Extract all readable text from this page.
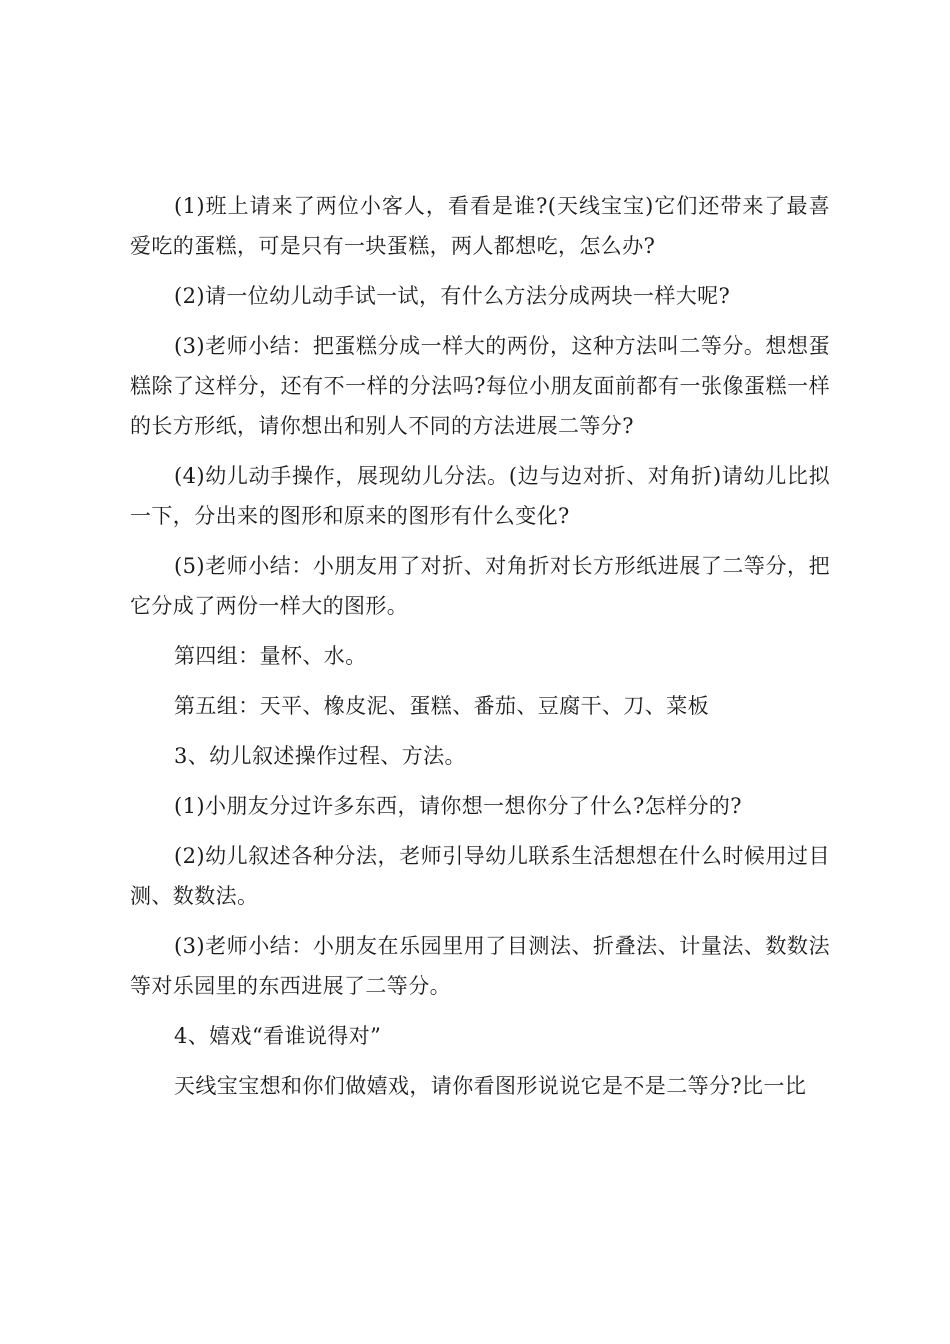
(1)班上请来了两位小客人，看看是谁?(天线宝宝)它们还带来了最喜爱吃的蛋糕，可是只有一块蛋糕，两人都想吃，怎么办?

(2)请一位幼儿动手试一试，有什么方法分成两块一样大呢?

(3)老师小结：把蛋糕分成一样大的两份，这种方法叫二等分。想想蛋糕除了这样分，还有不一样的分法吗?每位小朋友面前都有一张像蛋糕一样的长方形纸，请你想出和别人不同的方法进展二等分?

(4)幼儿动手操作，展现幼儿分法。(边与边对折、对角折)请幼儿比拟一下，分出来的图形和原来的图形有什么变化?

(5)老师小结：小朋友用了对折、对角折对长方形纸进展了二等分，把它分成了两份一样大的图形。

第四组：量杯、水。

第五组：天平、橡皮泥、蛋糕、番茄、豆腐干、刀、菜板

3、幼儿叙述操作过程、方法。

(1)小朋友分过许多东西，请你想一想你分了什么?怎样分的?

(2)幼儿叙述各种分法，老师引导幼儿联系生活想想在什么时候用过目测、数数法。

(3)老师小结：小朋友在乐园里用了目测法、折叠法、计量法、数数法等对乐园里的东西进展了二等分。

4、嬉戏“看谁说得对”

天线宝宝想和你们做嬉戏，请你看图形说说它是不是二等分?比一比
